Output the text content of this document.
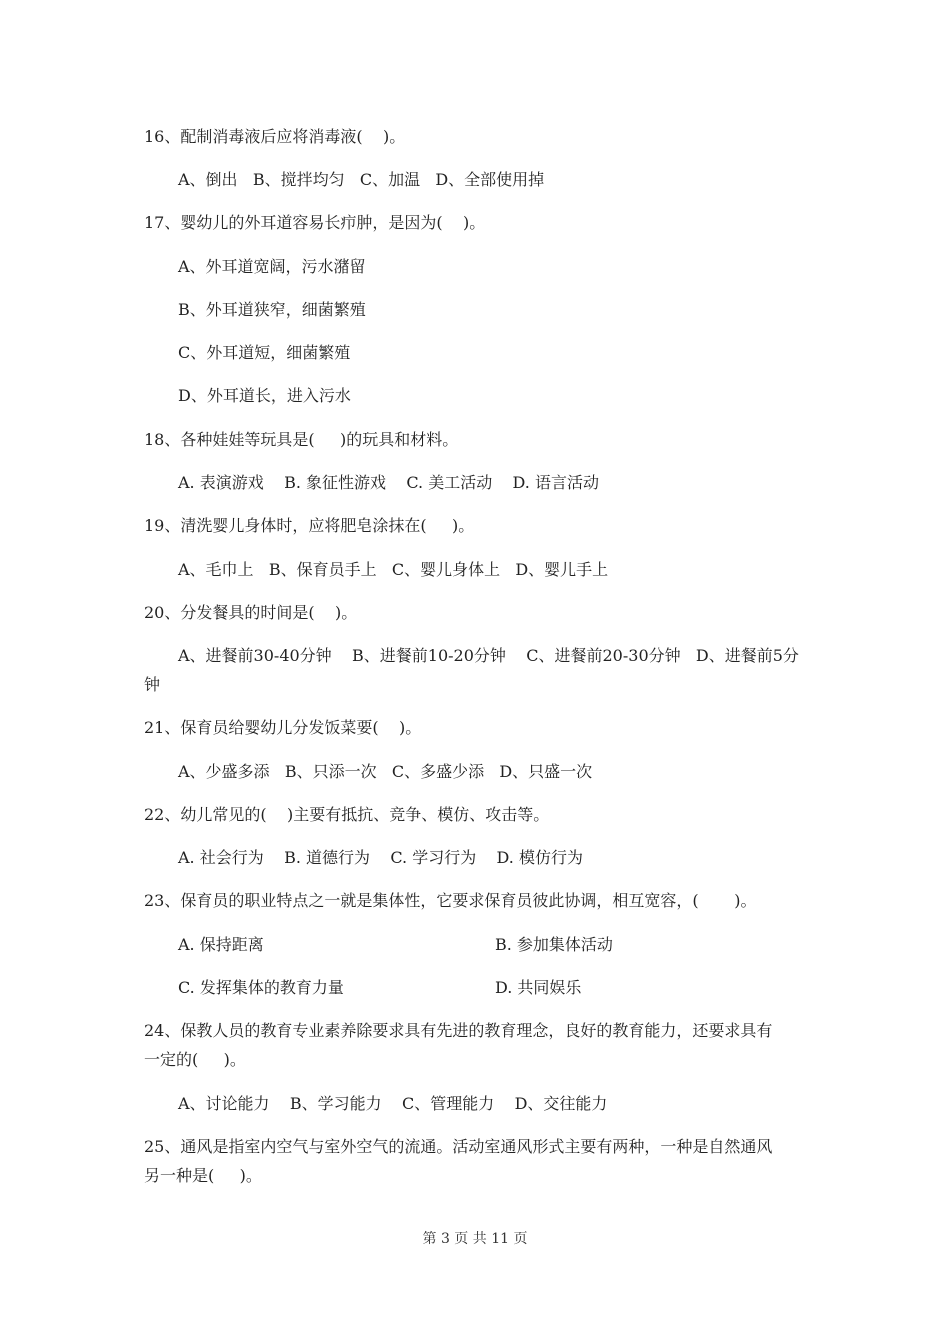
16、配制消毒液后应将消毒液(    )。
A、倒出   B、搅拌均匀   C、加温   D、全部使用掉
17、婴幼儿的外耳道容易长疖肿，是因为(    )。
A、外耳道宽阔，污水潴留
B、外耳道狭窄，细菌繁殖
C、外耳道短，细菌繁殖
D、外耳道长，进入污水
18、各种娃娃等玩具是(     )的玩具和材料。
A. 表演游戏    B. 象征性游戏    C. 美工活动    D. 语言活动
19、清洗婴儿身体时，应将肥皂涂抹在(     )。
A、毛巾上   B、保育员手上   C、婴儿身体上   D、婴儿手上
20、分发餐具的时间是(    )。
A、进餐前30-40分钟    B、进餐前10-20分钟    C、进餐前20-30分钟   D、进餐前5分
钟
21、保育员给婴幼儿分发饭菜要(    )。
A、少盛多添   B、只添一次   C、多盛少添   D、只盛一次
22、幼儿常见的(    )主要有抵抗、竞争、模仿、攻击等。
A. 社会行为    B. 道德行为    C. 学习行为    D. 模仿行为
23、保育员的职业特点之一就是集体性，它要求保育员彼此协调，相互宽容，(       )。
A. 保持距离	B. 参加集体活动
C. 发挥集体的教育力量	D. 共同娱乐
24、保教人员的教育专业素养除要求具有先进的教育理念，良好的教育能力，还要求具有
一定的(     )。
A、讨论能力    B、学习能力    C、管理能力    D、交往能力
25、通风是指室内空气与室外空气的流通。活动室通风形式主要有两种，一种是自然通风
另一种是(     )。
第 3 页 共 11 页
